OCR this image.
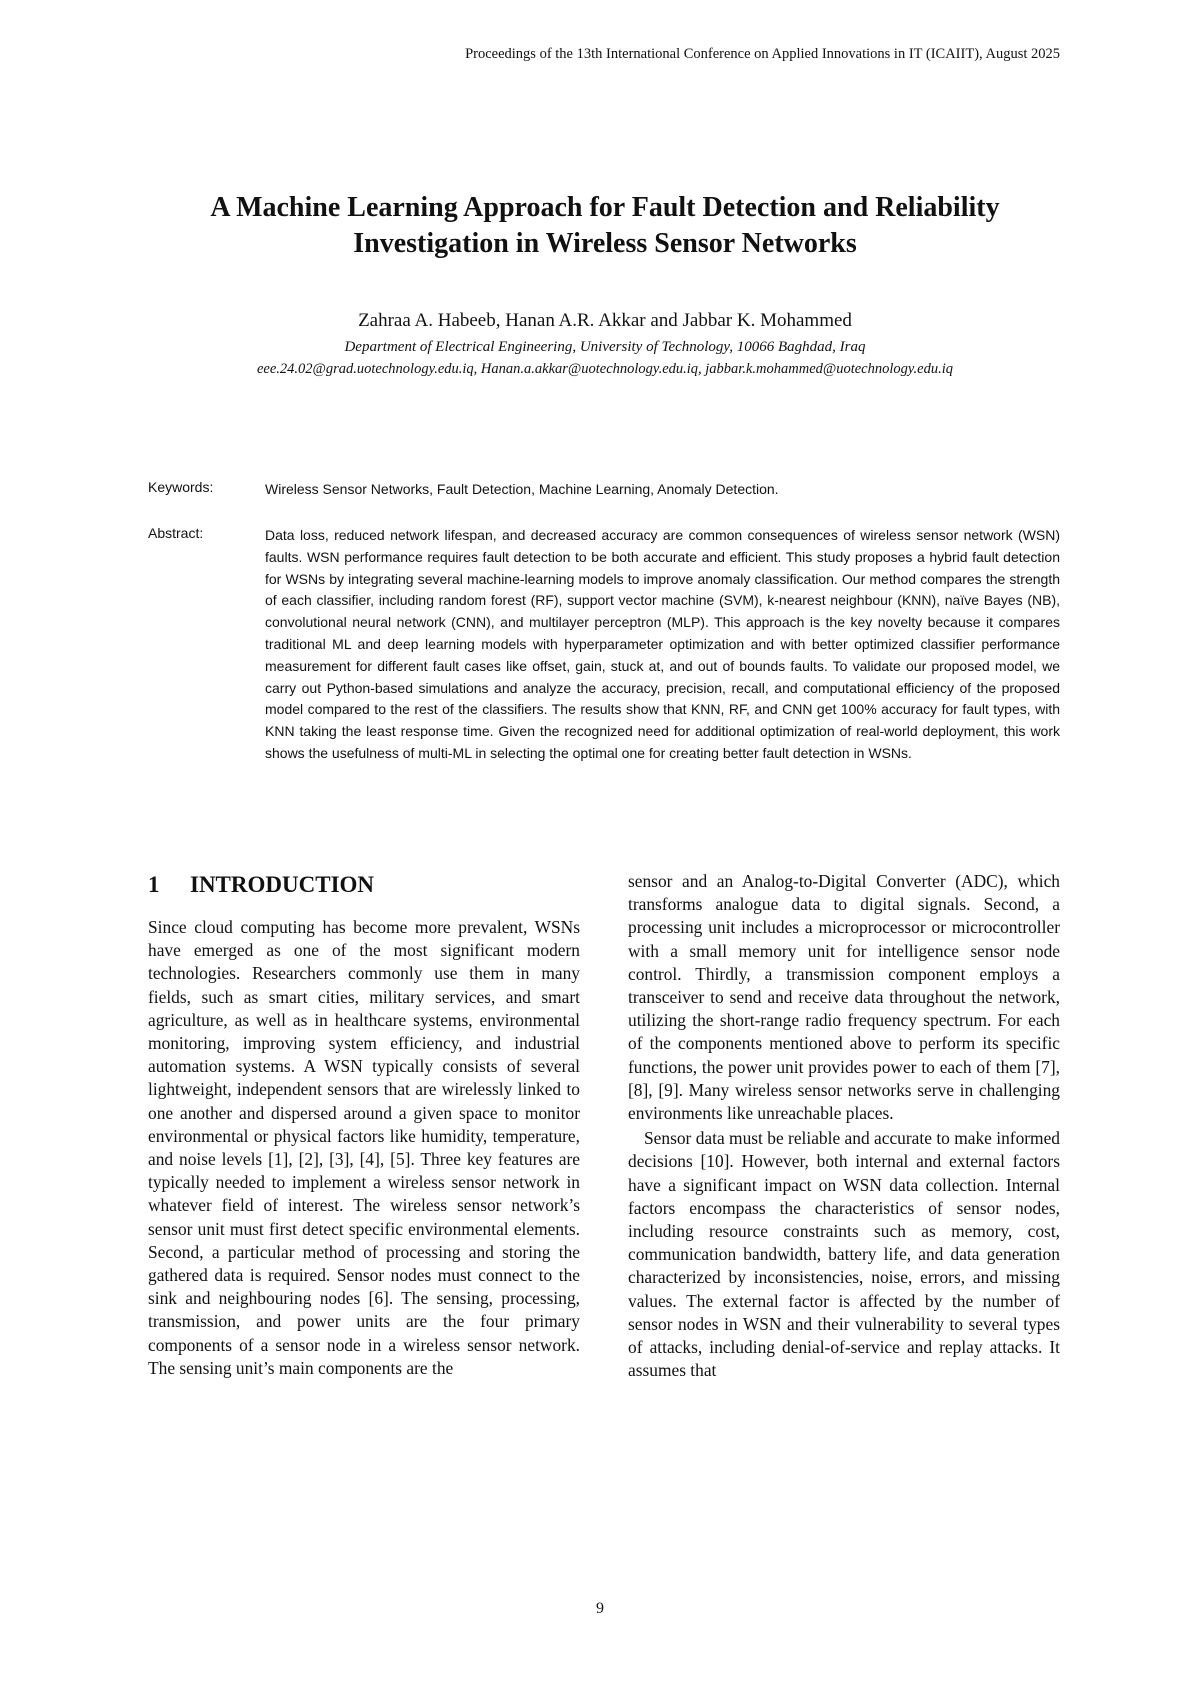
Proceedings of the 13th International Conference on Applied Innovations in IT (ICAIIT), August 2025
A Machine Learning Approach for Fault Detection and Reliability
Investigation in Wireless Sensor Networks
Zahraa A. Habeeb, Hanan A.R. Akkar and Jabbar K. Mohammed
Department of Electrical Engineering, University of Technology, 10066 Baghdad, Iraq
eee.24.02@grad.uotechnology.edu.iq, Hanan.a.akkar@uotechnology.edu.iq, jabbar.k.mohammed@uotechnology.edu.iq
Keywords:	Wireless Sensor Networks, Fault Detection, Machine Learning, Anomaly Detection.
Abstract:	Data loss, reduced network lifespan, and decreased accuracy are common consequences of wireless sensor network (WSN) faults. WSN performance requires fault detection to be both accurate and efficient. This study proposes a hybrid fault detection for WSNs by integrating several machine-learning models to improve anomaly classification. Our method compares the strength of each classifier, including random forest (RF), support vector machine (SVM), k-nearest neighbour (KNN), naïve Bayes (NB), convolutional neural network (CNN), and multilayer perceptron (MLP). This approach is the key novelty because it compares traditional ML and deep learning models with hyperparameter optimization and with better optimized classifier performance measurement for different fault cases like offset, gain, stuck at, and out of bounds faults. To validate our proposed model, we carry out Python-based simulations and analyze the accuracy, precision, recall, and computational efficiency of the proposed model compared to the rest of the classifiers. The results show that KNN, RF, and CNN get 100% accuracy for fault types, with KNN taking the least response time. Given the recognized need for additional optimization of real-world deployment, this work shows the usefulness of multi-ML in selecting the optimal one for creating better fault detection in WSNs.
1 INTRODUCTION

Since cloud computing has become more prevalent, WSNs have emerged as one of the most significant modern technologies. Researchers commonly use them in many fields, such as smart cities, military services, and smart agriculture, as well as in healthcare systems, environmental monitoring, improving system efficiency, and industrial automation systems. A WSN typically consists of several lightweight, independent sensors that are wirelessly linked to one another and dispersed around a given space to monitor environmental or physical factors like humidity, temperature, and noise levels [1], [2], [3], [4], [5]. Three key features are typically needed to implement a wireless sensor network in whatever field of interest. The wireless sensor network’s sensor unit must first detect specific environmental elements. Second, a particular method of processing and storing the gathered data is required. Sensor nodes must connect to the sink and neighbouring nodes [6]. The sensing, processing, transmission, and power units are the four primary components of a sensor node in a wireless sensor network. The sensing unit’s main components are the

sensor and an Analog-to-Digital Converter (ADC), which transforms analogue data to digital signals. Second, a processing unit includes a microprocessor or microcontroller with a small memory unit for intelligence sensor node control. Thirdly, a transmission component employs a transceiver to send and receive data throughout the network, utilizing the short-range radio frequency spectrum. For each of the components mentioned above to perform its specific functions, the power unit provides power to each of them [7], [8], [9]. Many wireless sensor networks serve in challenging environments like unreachable places.

Sensor data must be reliable and accurate to make informed decisions [10]. However, both internal and external factors have a significant impact on WSN data collection. Internal factors encompass the characteristics of sensor nodes, including resource constraints such as memory, cost, communication bandwidth, battery life, and data generation characterized by inconsistencies, noise, errors, and missing values. The external factor is affected by the number of sensor nodes in WSN and their vulnerability to several types of attacks, including denial-of-service and replay attacks. It assumes that

9
